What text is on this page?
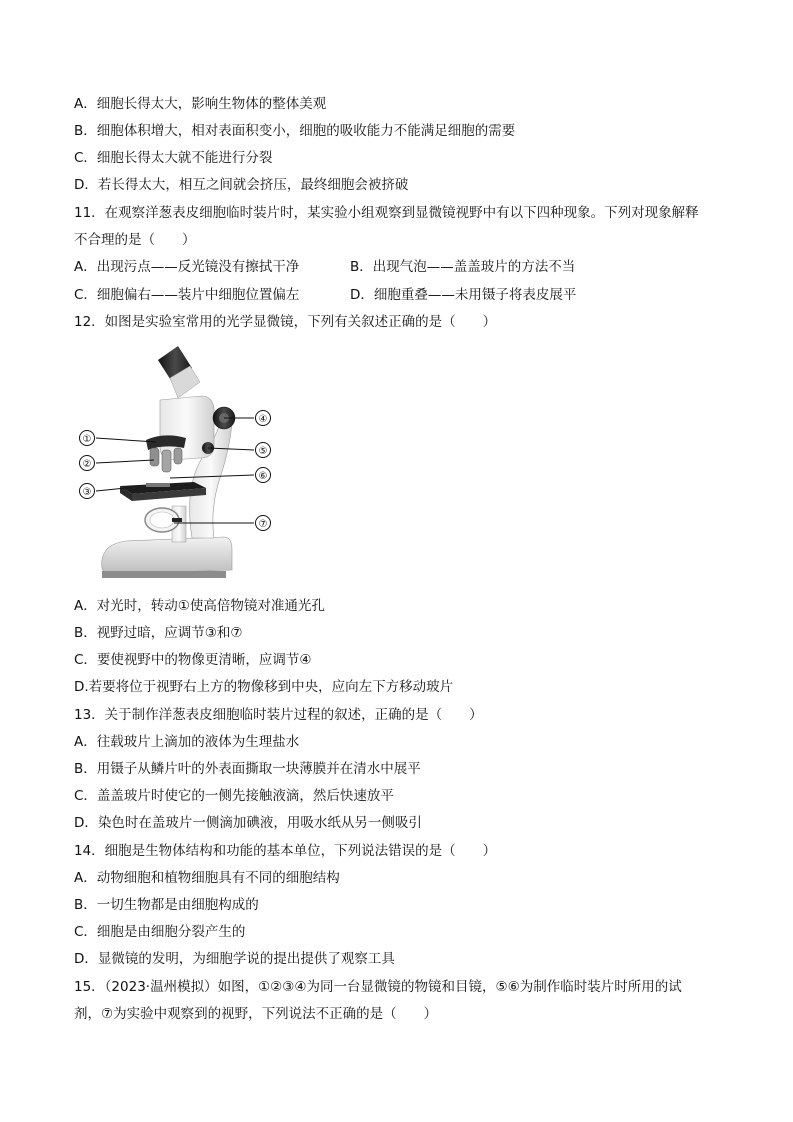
A．细胞长得太大，影响生物体的整体美观
B．细胞体积增大，相对表面积变小，细胞的吸收能力不能满足细胞的需要
C．细胞长得太大就不能进行分裂
D．若长得太大，相互之间就会挤压，最终细胞会被挤破
11．在观察洋葱表皮细胞临时装片时，某实验小组观察到显微镜视野中有以下四种现象。下列对现象解释
不合理的是（　　）
A．出现污点——反光镜没有擦拭干净	B．出现气泡——盖盖玻片的方法不当
C．细胞偏右——装片中细胞位置偏左	D．细胞重叠——未用镊子将表皮展平
12．如图是实验室常用的光学显微镜，下列有关叙述正确的是（　　）
①
②
③
④
⑤
⑥
⑦
A．对光时，转动①使高倍物镜对准通光孔
B．视野过暗，应调节③和⑦
C．要使视野中的物像更清晰，应调节④
D.若要将位于视野右上方的物像移到中央，应向左下方移动玻片
13．关于制作洋葱表皮细胞临时装片过程的叙述，正确的是（　　）
A．往载玻片上滴加的液体为生理盐水
B．用镊子从鳞片叶的外表面撕取一块薄膜并在清水中展平
C．盖盖玻片时使它的一侧先接触液滴，然后快速放平
D．染色时在盖玻片一侧滴加碘液，用吸水纸从另一侧吸引
14．细胞是生物体结构和功能的基本单位，下列说法错误的是（　　）
A．动物细胞和植物细胞具有不同的细胞结构
B．一切生物都是由细胞构成的
C．细胞是由细胞分裂产生的
D．显微镜的发明，为细胞学说的提出提供了观察工具
15．（2023·温州模拟）如图，①②③④为同一台显微镜的物镜和目镜，⑤⑥为制作临时装片时所用的试
剂，⑦为实验中观察到的视野，下列说法不正确的是（　　）
